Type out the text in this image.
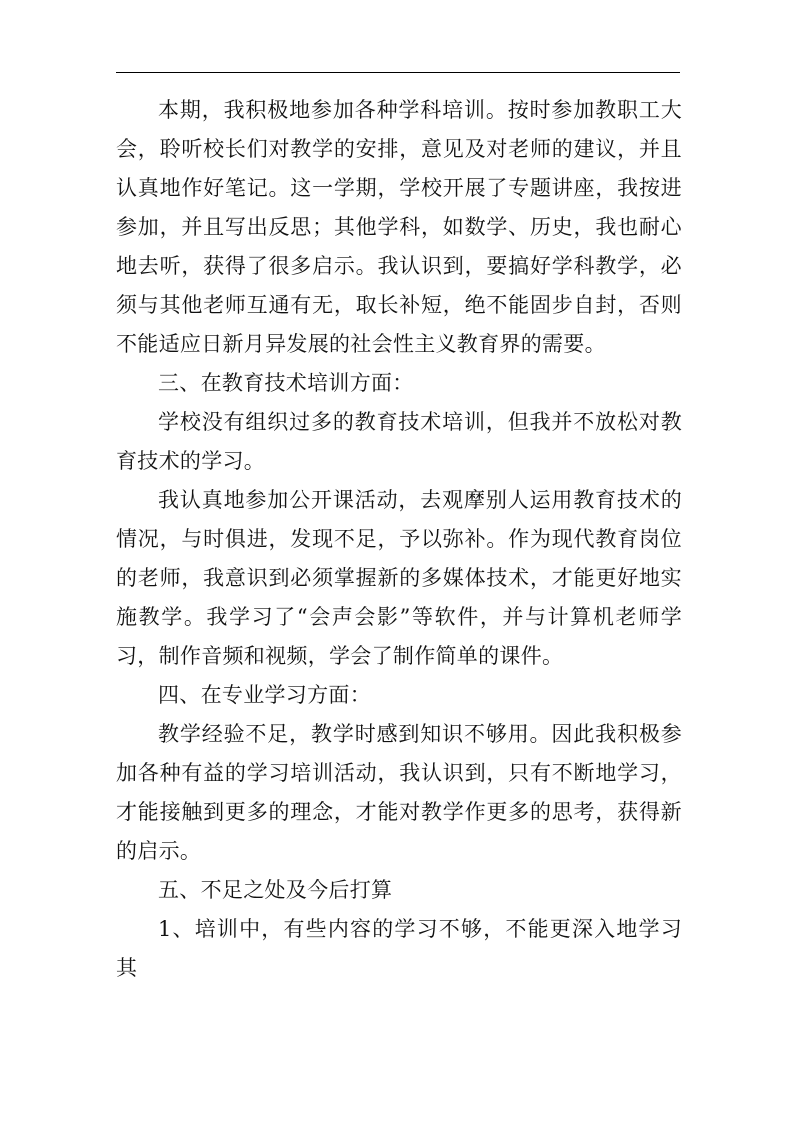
本期，我积极地参加各种学科培训。按时参加教职工大会，聆听校长们对教学的安排，意见及对老师的建议，并且认真地作好笔记。这一学期，学校开展了专题讲座，我按进参加，并且写出反思；其他学科，如数学、历史，我也耐心地去听，获得了很多启示。我认识到，要搞好学科教学，必须与其他老师互通有无，取长补短，绝不能固步自封，否则不能适应日新月异发展的社会性主义教育界的需要。

三、在教育技术培训方面：

学校没有组织过多的教育技术培训，但我并不放松对教育技术的学习。

我认真地参加公开课活动，去观摩别人运用教育技术的情况，与时俱进，发现不足，予以弥补。作为现代教育岗位的老师，我意识到必须掌握新的多媒体技术，才能更好地实施教学。我学习了“会声会影”等软件，并与计算机老师学习，制作音频和视频，学会了制作简单的课件。

四、在专业学习方面：

教学经验不足，教学时感到知识不够用。因此我积极参加各种有益的学习培训活动，我认识到，只有不断地学习，才能接触到更多的理念，才能对教学作更多的思考，获得新的启示。

五、不足之处及今后打算

1、培训中，有些内容的学习不够，不能更深入地学习其
